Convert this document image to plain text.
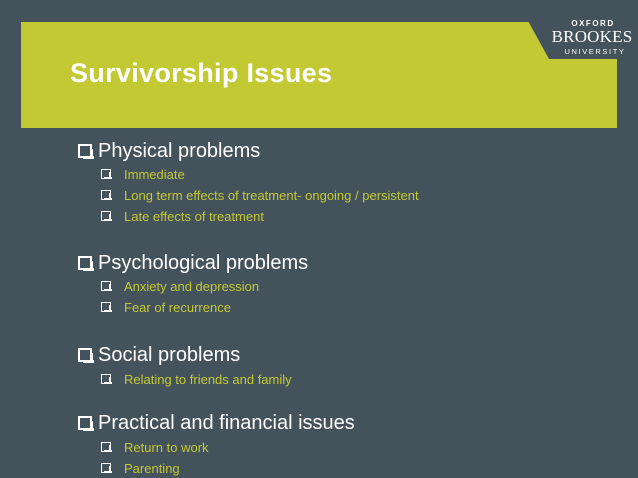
Survivorship Issues
OXFORD
BROOKES
UNIVERSITY
Physical problems
Immediate
Long term effects of treatment- ongoing / persistent
Late effects of treatment
Psychological problems
Anxiety and depression
Fear of recurrence
Social problems
Relating to friends and family
Practical and financial issues
Return to work
Parenting
